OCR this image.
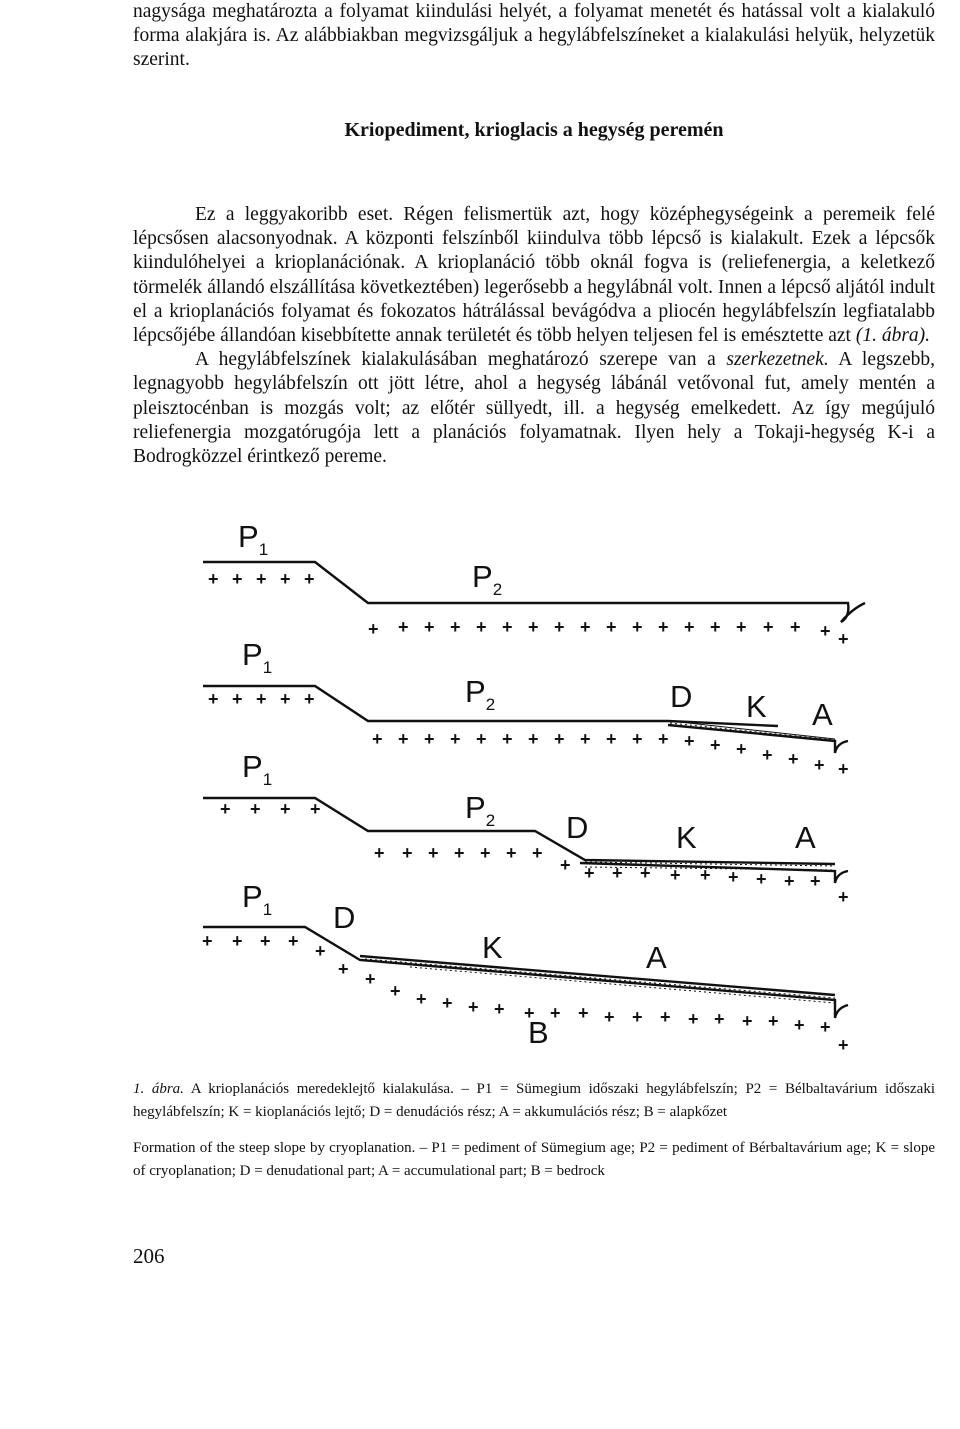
nagysága meghatározta a folyamat kiindulási helyét, a folyamat menetét és hatással volt a kialakuló forma alakjára is. Az alábbiakban megvizsgáljuk a hegylábfelszíneket a kialakulási helyük, helyzetük szerint.

Kriopediment, krioglacis a hegység peremén

Ez a leggyakoribb eset. Régen felismertük azt, hogy középhegységeink a peremeik felé lépcsősen alacsonyodnak. A központi felszínből kiindulva több lépcső is kialakult. Ezek a lépcsők kiindulóhelyei a krioplanációnak. A krioplanáció több oknál fogva is (reliefenergia, a keletkező törmelék állandó elszállítása következtében) legerősebb a hegylábnál volt. Innen a lépcső aljától indult el a krioplanációs folyamat és fokozatos hátrálással bevágódva a pliocén hegylábfelszín legfiatalabb lépcsőjébe állandóan kisebbítette annak területét és több helyen teljesen fel is emésztette azt (1. ábra).

A hegylábfelszínek kialakulásában meghatározó szerepe van a szerkezetnek. A legszebb, legnagyobb hegylábfelszín ott jött létre, ahol a hegység lábánál vetővonal fut, amely mentén a pleisztocénban is mozgás volt; az előtér süllyedt, ill. a hegység emelkedett. Az így megújuló reliefenergia mozgatórugója lett a planációs folyamatnak. Ilyen hely a Tokaji-hegység K-i a Bodrogközzel érintkező pereme.

+ + + + +
+ + + + + + + + + + + + + + + + + + +
+ + + + +
+ + + + + + + + + + + + + + + + + + +
+ + + +
+ + + + + + +
+ + + + + + + + + +
+
+ + + + +
+ +
+ + + + + + + + + + + + + + + + +
+
$P_1$
$P_2$
$P_1$
$P_2$	D K A
$P_1$
$P_2$ D	K	A
$P_1$ D
K	A
B
1. ábra. A krioplanációs meredeklejtő kialakulása. – P1 = Sümegium időszaki hegylábfelszín; P2 = Bélbaltavárium időszaki hegylábfelszín; K = kioplanációs lejtő; D = denudációs rész; A = akkumulációs rész; B = alapkőzet
Formation of the steep slope by cryoplanation. – P1 = pediment of Sümegium age; P2 = pediment of Bérbaltavárium age; K = slope of cryoplanation; D = denudational part; A = accumulational part; B = bedrock

206
